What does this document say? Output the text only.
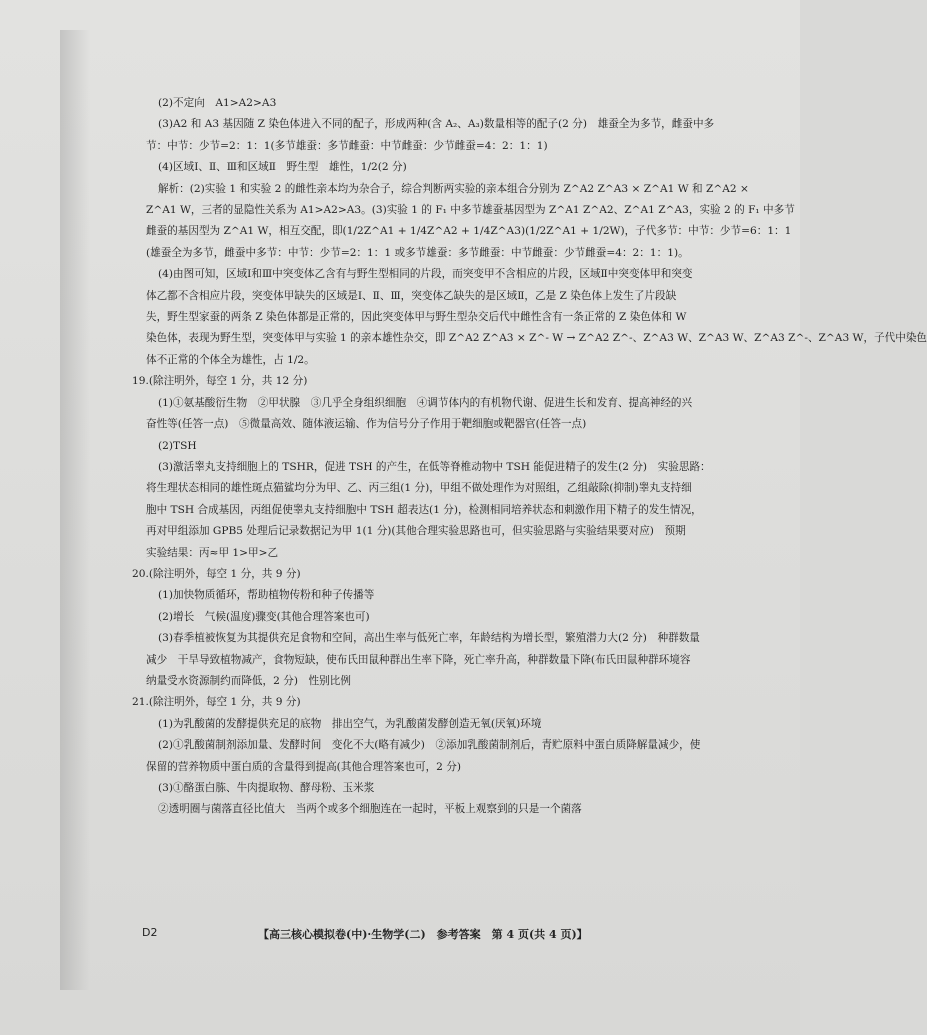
(2)不定向　A1>A2>A3
(3)A2 和 A3 基因随 Z 染色体进入不同的配子，形成两种(含 A₂、A₃)数量相等的配子(2 分)　雄蚕全为多节，雌蚕中多
节：中节：少节=2：1：1(多节雄蚕：多节雌蚕：中节雌蚕：少节雌蚕=4：2：1：1)
(4)区域Ⅰ、Ⅱ、Ⅲ和区域Ⅱ　野生型　雄性，1/2(2 分)
解析：(2)实验 1 和实验 2 的雌性亲本均为杂合子，综合判断两实验的亲本组合分别为 Z^A2 Z^A3 × Z^A1 W 和 Z^A2 ×
Z^A1 W，三者的显隐性关系为 A1>A2>A3。(3)实验 1 的 F₁ 中多节雄蚕基因型为 Z^A1 Z^A2、Z^A1 Z^A3，实验 2 的 F₁ 中多节
雌蚕的基因型为 Z^A1 W，相互交配，即(1/2Z^A1 + 1/4Z^A2 + 1/4Z^A3)(1/2Z^A1 + 1/2W)，子代多节：中节：少节=6：1：1
(雄蚕全为多节，雌蚕中多节：中节：少节=2：1：1 或多节雄蚕：多节雌蚕：中节雌蚕：少节雌蚕=4：2：1：1)。
(4)由图可知，区域Ⅰ和Ⅲ中突变体乙含有与野生型相同的片段，而突变甲不含相应的片段，区域Ⅱ中突变体甲和突变
体乙都不含相应片段，突变体甲缺失的区域是Ⅰ、Ⅱ、Ⅲ，突变体乙缺失的是区域Ⅱ，乙是 Z 染色体上发生了片段缺
失，野生型家蚕的两条 Z 染色体都是正常的，因此突变体甲与野生型杂交后代中雌性含有一条正常的 Z 染色体和 W
染色体，表现为野生型，突变体甲与实验 1 的亲本雄性杂交，即 Z^A2 Z^A3 × Z^- W → Z^A2 Z^-、Z^A3 W、Z^A3 W、Z^A3 Z^-、Z^A3 W，子代中染色
体不正常的个体全为雄性，占 1/2。
19.(除注明外，每空 1 分，共 12 分)
(1)①氨基酸衍生物　②甲状腺　③几乎全身组织细胞　④调节体内的有机物代谢、促进生长和发育、提高神经的兴
奋性等(任答一点)　⑤微量高效、随体液运输、作为信号分子作用于靶细胞或靶器官(任答一点)
(2)TSH
(3)激活睾丸支持细胞上的 TSHR，促进 TSH 的产生，在低等脊椎动物中 TSH 能促进精子的发生(2 分)　实验思路：
将生理状态相同的雄性斑点猫鲨均分为甲、乙、丙三组(1 分)，甲组不做处理作为对照组，乙组敲除(抑制)睾丸支持细
胞中 TSH 合成基因，丙组促使睾丸支持细胞中 TSH 超表达(1 分)，检测相同培养状态和刺激作用下精子的发生情况，
再对甲组添加 GPB5 处理后记录数据记为甲 1(1 分)(其他合理实验思路也可，但实验思路与实验结果要对应)　预期
实验结果：丙≈甲 1>甲>乙
20.(除注明外，每空 1 分，共 9 分)
(1)加快物质循环，帮助植物传粉和种子传播等
(2)增长　气候(温度)骤变(其他合理答案也可)
(3)春季植被恢复为其提供充足食物和空间，高出生率与低死亡率，年龄结构为增长型，繁殖潜力大(2 分)　种群数量
减少　干旱导致植物减产，食物短缺，使布氏田鼠种群出生率下降，死亡率升高，种群数量下降(布氏田鼠种群环境容
纳量受水资源制约而降低，2 分)　性别比例
21.(除注明外，每空 1 分，共 9 分)
(1)为乳酸菌的发酵提供充足的底物　排出空气，为乳酸菌发酵创造无氧(厌氧)环境
(2)①乳酸菌制剂添加量、发酵时间　变化不大(略有减少)　②添加乳酸菌制剂后，青贮原料中蛋白质降解量减少，使
保留的营养物质中蛋白质的含量得到提高(其他合理答案也可，2 分)
(3)①酪蛋白胨、牛肉提取物、酵母粉、玉米浆
②透明圈与菌落直径比值大　当两个或多个细胞连在一起时，平板上观察到的只是一个菌落
D2	【高三核心模拟卷(中)·生物学(二)　参考答案　第 4 页(共 4 页)】
